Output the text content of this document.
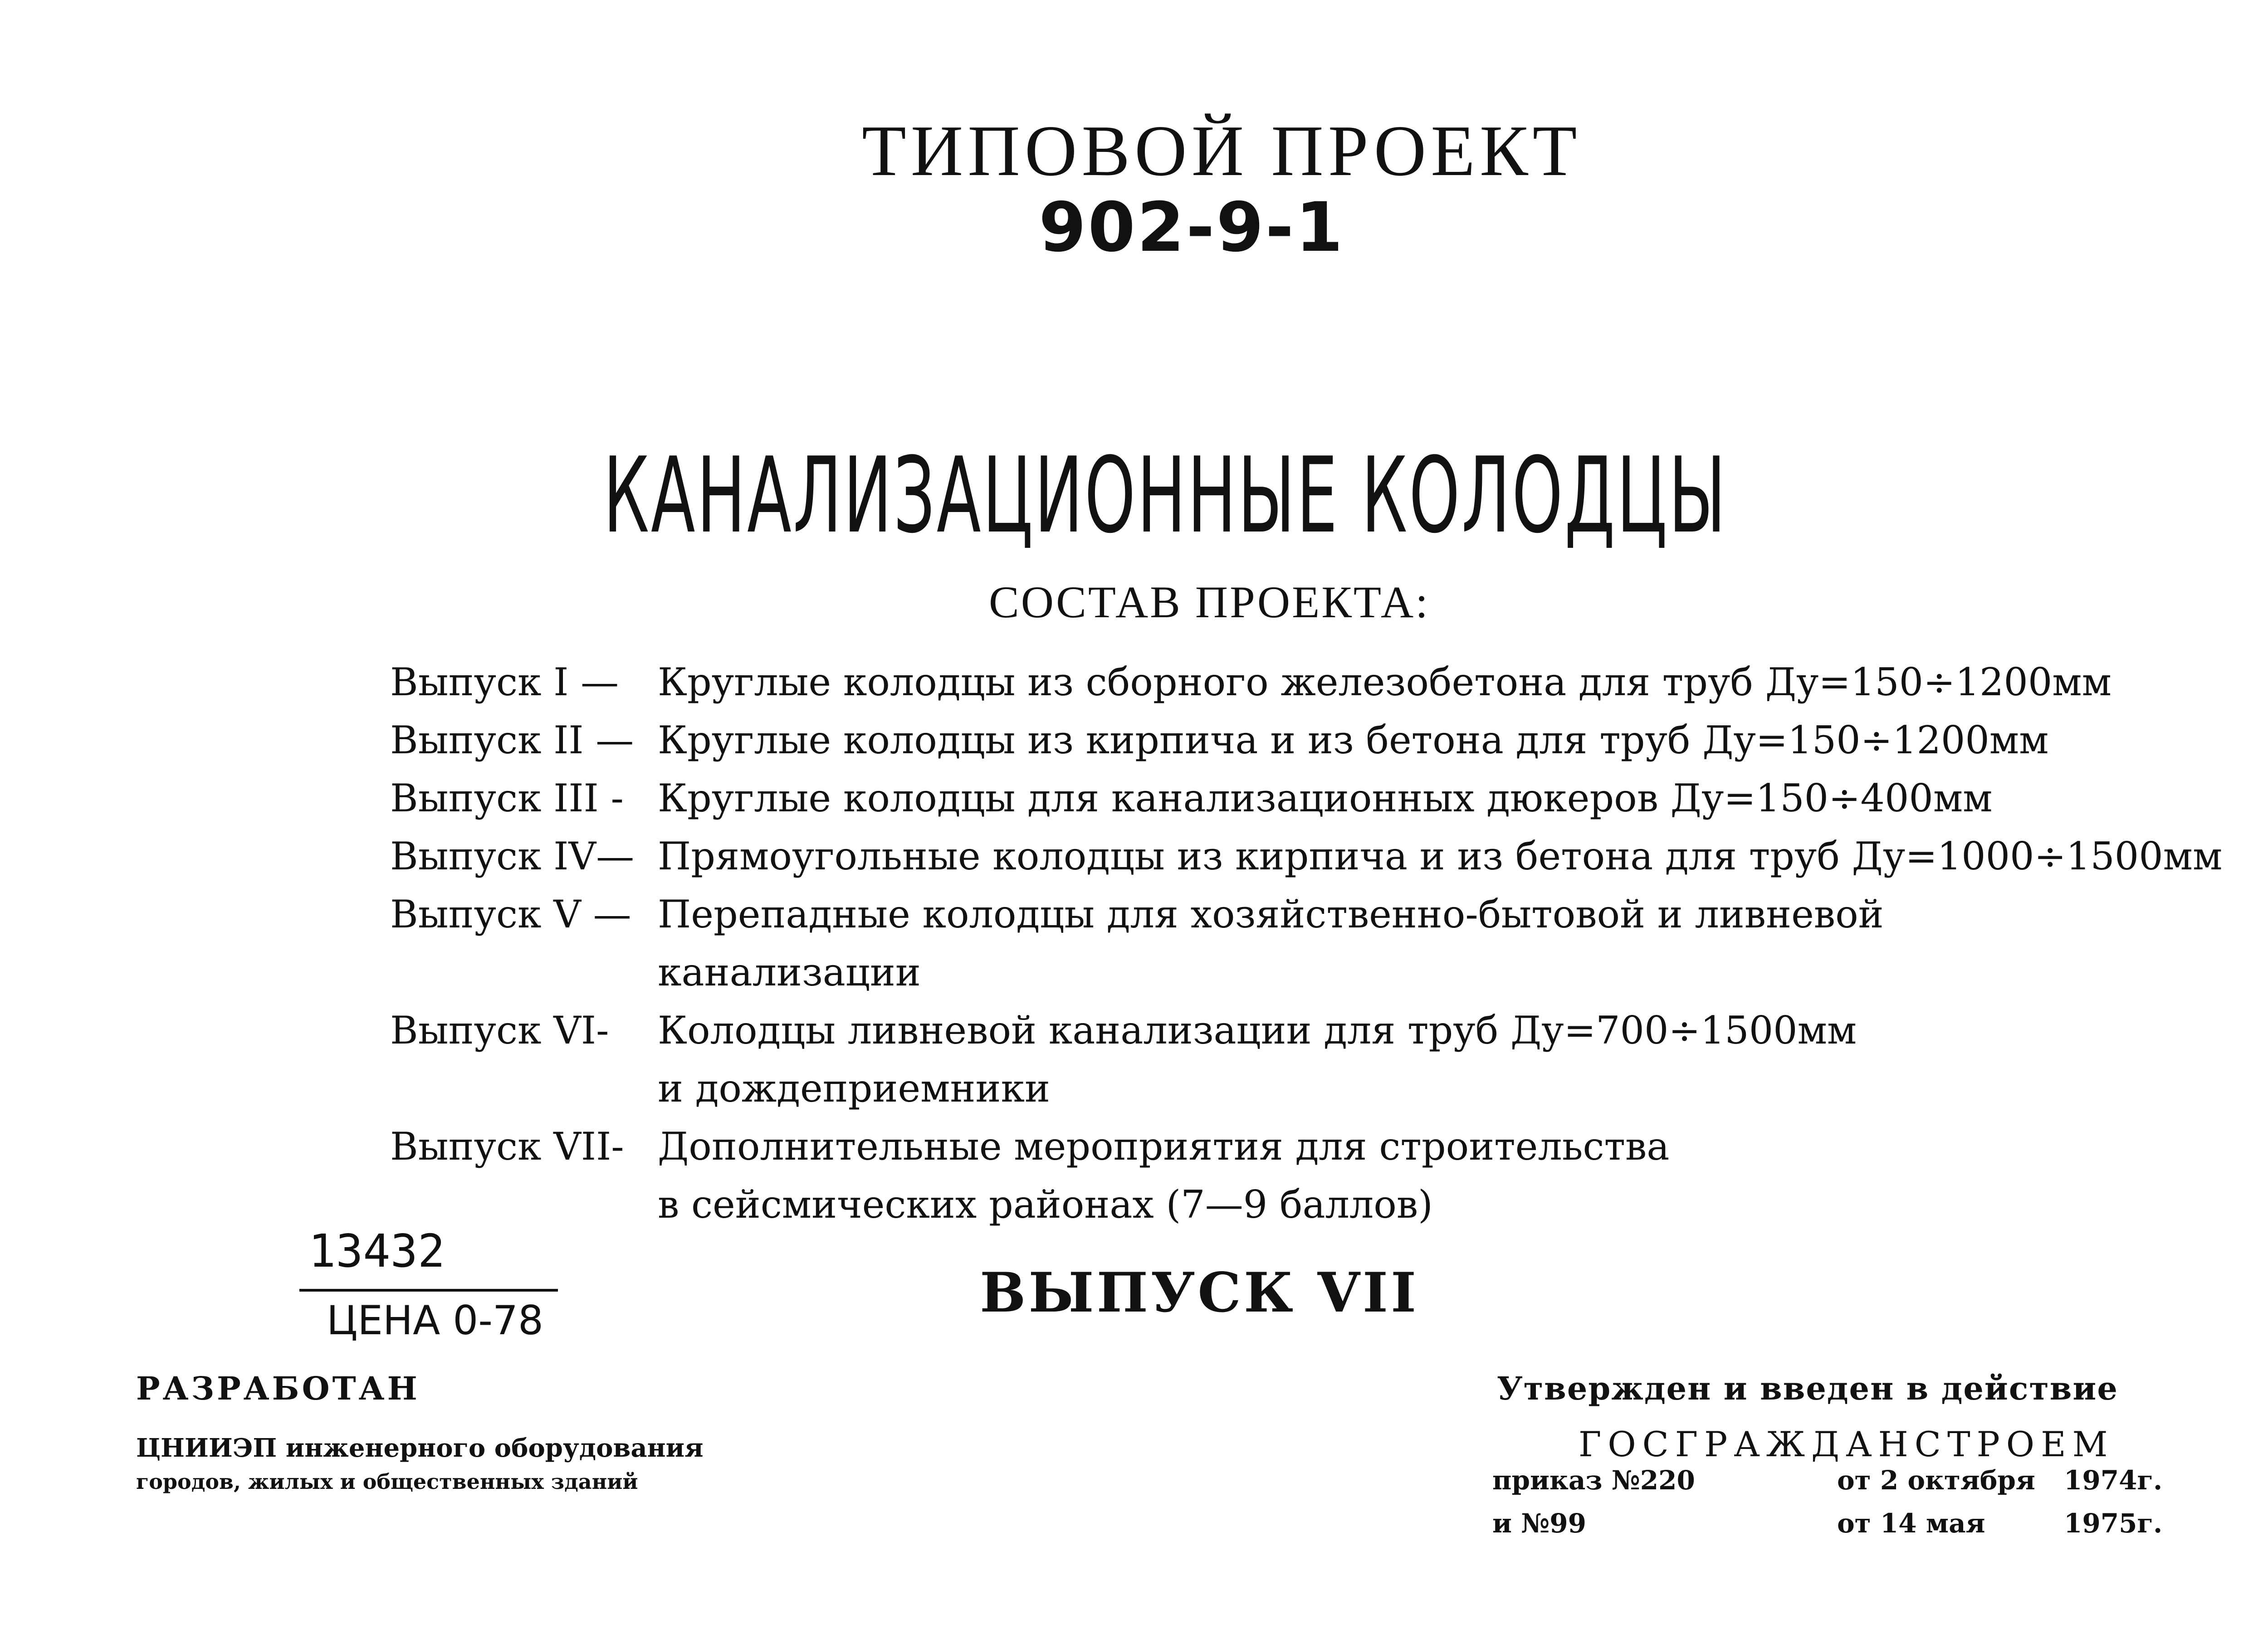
ТИПОВОЙ ПРОЕКТ
902-9-1
КАНАЛИЗАЦИОННЫЕ КОЛОДЦЫ
СОСТАВ ПРОЕКТА:
Выпуск I —	Круглые колодцы из сборного железобетона для труб Ду=150÷1200мм
Выпуск II — Круглые колодцы из кирпича и из бетона для труб Ду=150÷1200мм
Выпуск III - Круглые колодцы для канализационных дюкеров Ду=150÷400мм
Выпуск IV— Прямоугольные колодцы из кирпича и из бетона для труб Ду=1000÷1500мм
Выпуск V — Перепадные колодцы для хозяйственно-бытовой и ливневой
канализации
Выпуск VI-	Колодцы ливневой канализации для труб Ду=700÷1500мм
и дождеприемники
Выпуск VII- Дополнительные мероприятия для строительства
в сейсмических районах (7—9 баллов)
13432
ЦЕНА 0-78	ВЫПУСК VII
РАЗРАБОТАН
ЦНИИЭП инженерного оборудования
городов, жилых и общественных зданий
Утвержден и введен в действие
ГОСГРАЖДАНСТРОЕМ
приказ №220	от 2 октября	1974г.
и №99	от 14 мая	1975г.
